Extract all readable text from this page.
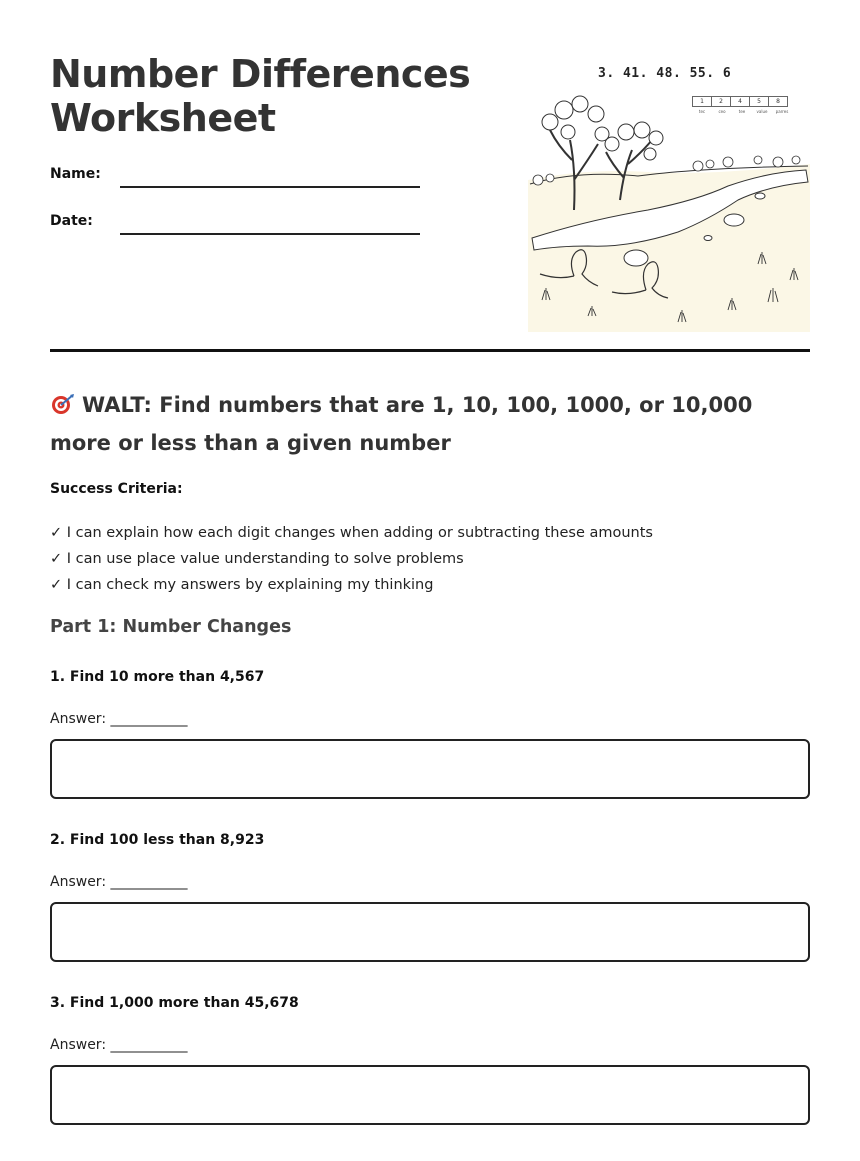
Number Differences Worksheet
Name:
Date:
3. 41. 48. 55. 6
1	2	4	5	8
tec	ceo	tee	value	parres
WALT: Find numbers that are 1, 10, 100, 1000, or 10,000 more or less than a given number
Success Criteria:
✓ I can explain how each digit changes when adding or subtracting these amounts
✓ I can use place value understanding to solve problems
✓ I can check my answers by explaining my thinking
Part 1: Number Changes
1. Find 10 more than 4,567
Answer: ___________
2. Find 100 less than 8,923
Answer: ___________
3. Find 1,000 more than 45,678
Answer: ___________
